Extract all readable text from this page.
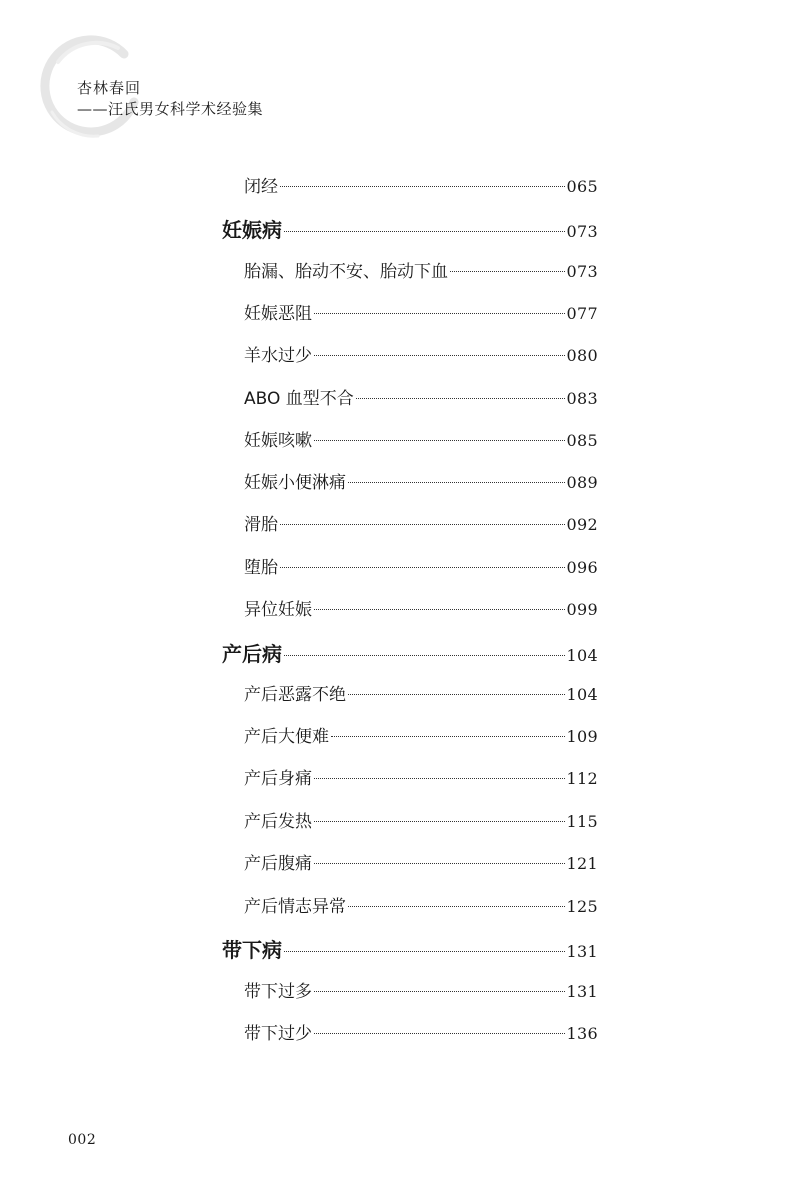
杏林春回
——汪氏男女科学术经验集
闭经	065
妊娠病	073
胎漏、胎动不安、胎动下血	073
妊娠恶阻	077
羊水过少	080
ABO 血型不合	083
妊娠咳嗽	085
妊娠小便淋痛	089
滑胎	092
堕胎	096
异位妊娠	099
产后病	104
产后恶露不绝	104
产后大便难	109
产后身痛	112
产后发热	115
产后腹痛	121
产后情志异常	125
带下病	131
带下过多	131
带下过少	136
002
